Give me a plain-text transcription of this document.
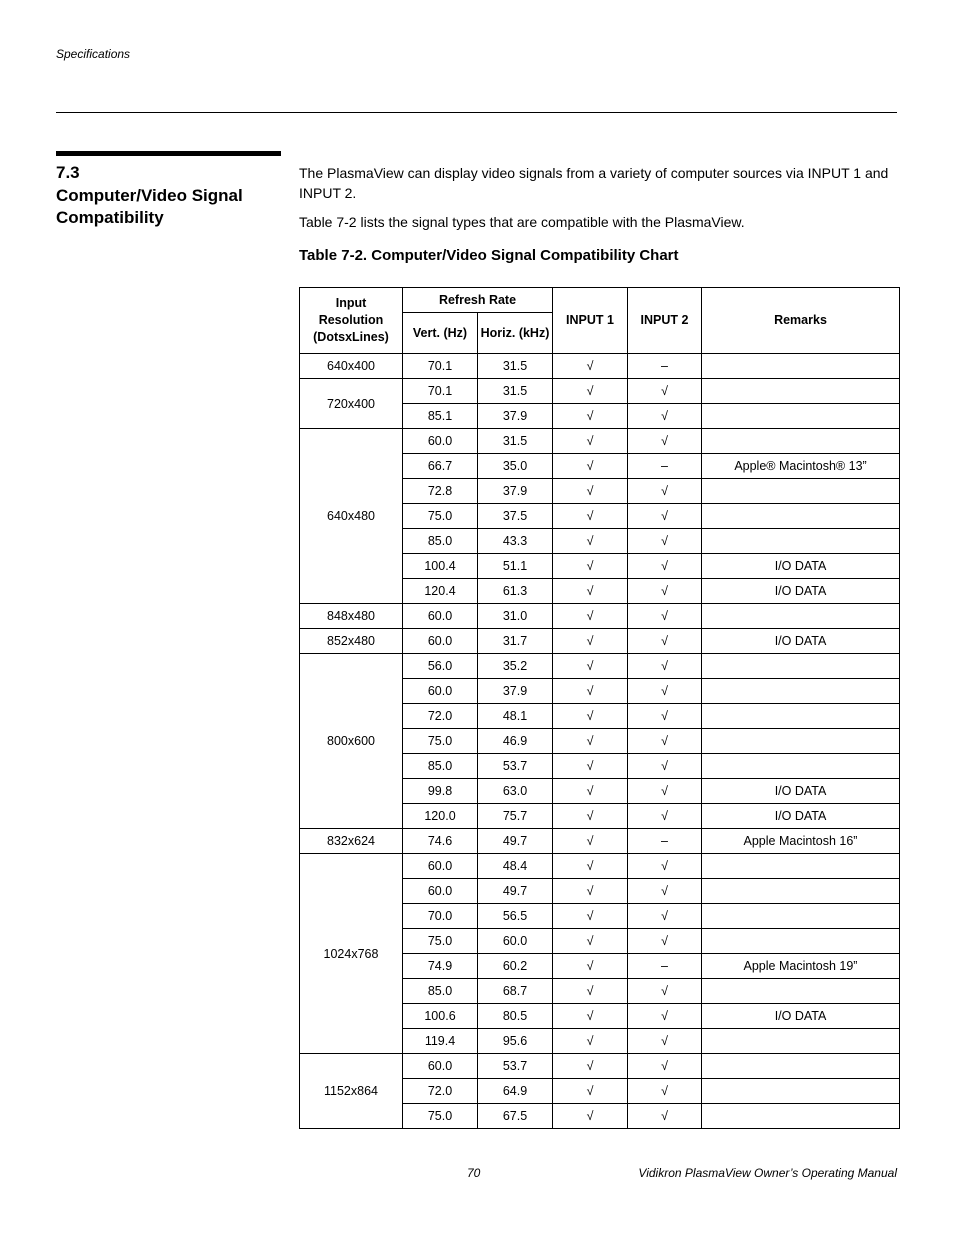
Specifications
7.3
Computer/Video Signal Compatibility
The PlasmaView can display video signals from a variety of computer sources via INPUT 1 and INPUT 2.
Table 7-2 lists the signal types that are compatible with the PlasmaView.
Table 7-2. Computer/Video Signal Compatibility Chart
Input Resolution (DotsxLines)	Refresh Rate		INPUT 1	INPUT 2	Remarks
	Vert. (Hz)	Horiz. (kHz)			
640x400	70.1	31.5	√	–	
720x400	70.1	31.5	√	√	
	85.1	37.9	√	√	
640x480	60.0	31.5	√	√	
	66.7	35.0	√	–	Apple® Macintosh® 13”
	72.8	37.9	√	√	
	75.0	37.5	√	√	
	85.0	43.3	√	√	
	100.4	51.1	√	√	I/O DATA
	120.4	61.3	√	√	I/O DATA
848x480	60.0	31.0	√	√	
852x480	60.0	31.7	√	√	I/O DATA
800x600	56.0	35.2	√	√	
	60.0	37.9	√	√	
	72.0	48.1	√	√	
	75.0	46.9	√	√	
	85.0	53.7	√	√	
	99.8	63.0	√	√	I/O DATA
	120.0	75.7	√	√	I/O DATA
832x624	74.6	49.7	√	–	Apple Macintosh 16”
1024x768	60.0	48.4	√	√	
	60.0	49.7	√	√	
	70.0	56.5	√	√	
	75.0	60.0	√	√	
	74.9	60.2	√	–	Apple Macintosh 19”
	85.0	68.7	√	√	
	100.6	80.5	√	√	I/O DATA
	119.4	95.6	√	√	
1152x864	60.0	53.7	√	√	
	72.0	64.9	√	√	
	75.0	67.5	√	√	
70	Vidikron PlasmaView Owner’s Operating Manual
